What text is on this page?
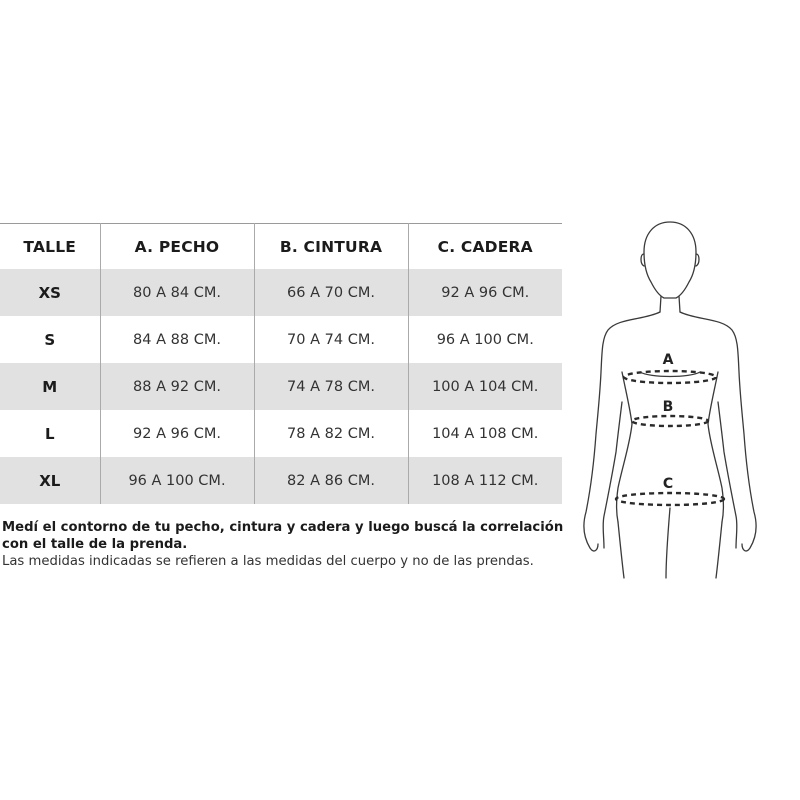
TALLE	A. PECHO	B. CINTURA	C. CADERA
XS	80 A 84 CM.	66 A 70 CM.	92 A 96 CM.
S	84 A 88 CM.	70 A 74 CM.	96 A 100 CM.
M	88 A 92 CM.	74 A 78 CM.	100 A 104 CM.
L	92 A 96 CM.	78 A 82 CM.	104 A 108 CM.
XL	96 A 100 CM.	82 A 86 CM.	108 A 112 CM.
Medí el contorno de tu pecho, cintura y cadera y luego buscá la correlación con el talle de la prenda.
Las medidas indicadas se refieren a las medidas del cuerpo y no de las prendas.
A
B
C
